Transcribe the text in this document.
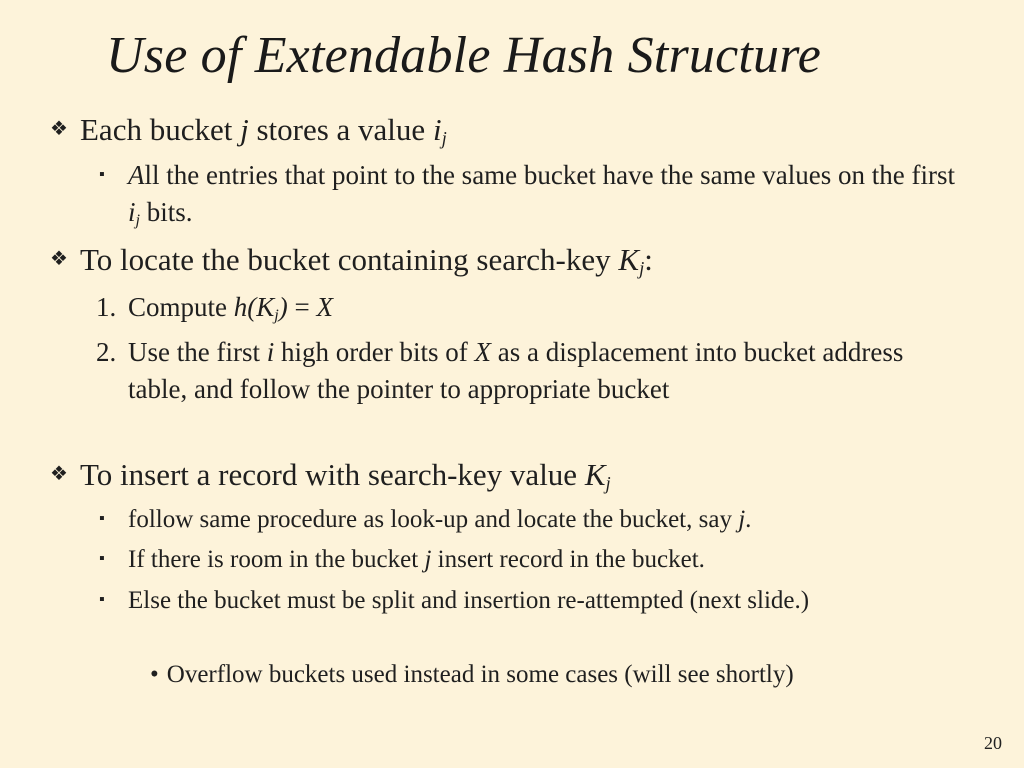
Use of Extendable Hash Structure
❖ Each bucket j stores a value $i_j$
▪ All the entries that point to the same bucket have the same values on the first $i_j$ bits.
❖ To locate the bucket containing search-key $K_j$:
1. Compute $h(K_j) = X$
2. Use the first i high order bits of X as a displacement into bucket address table, and follow the pointer to appropriate bucket
❖ To insert a record with search-key value $K_j$
▪ follow same procedure as look-up and locate the bucket, say j.
▪ If there is room in the bucket j insert record in the bucket.
▪ Else the bucket must be split and insertion re-attempted (next slide.)
• Overflow buckets used instead in some cases (will see shortly)
20
